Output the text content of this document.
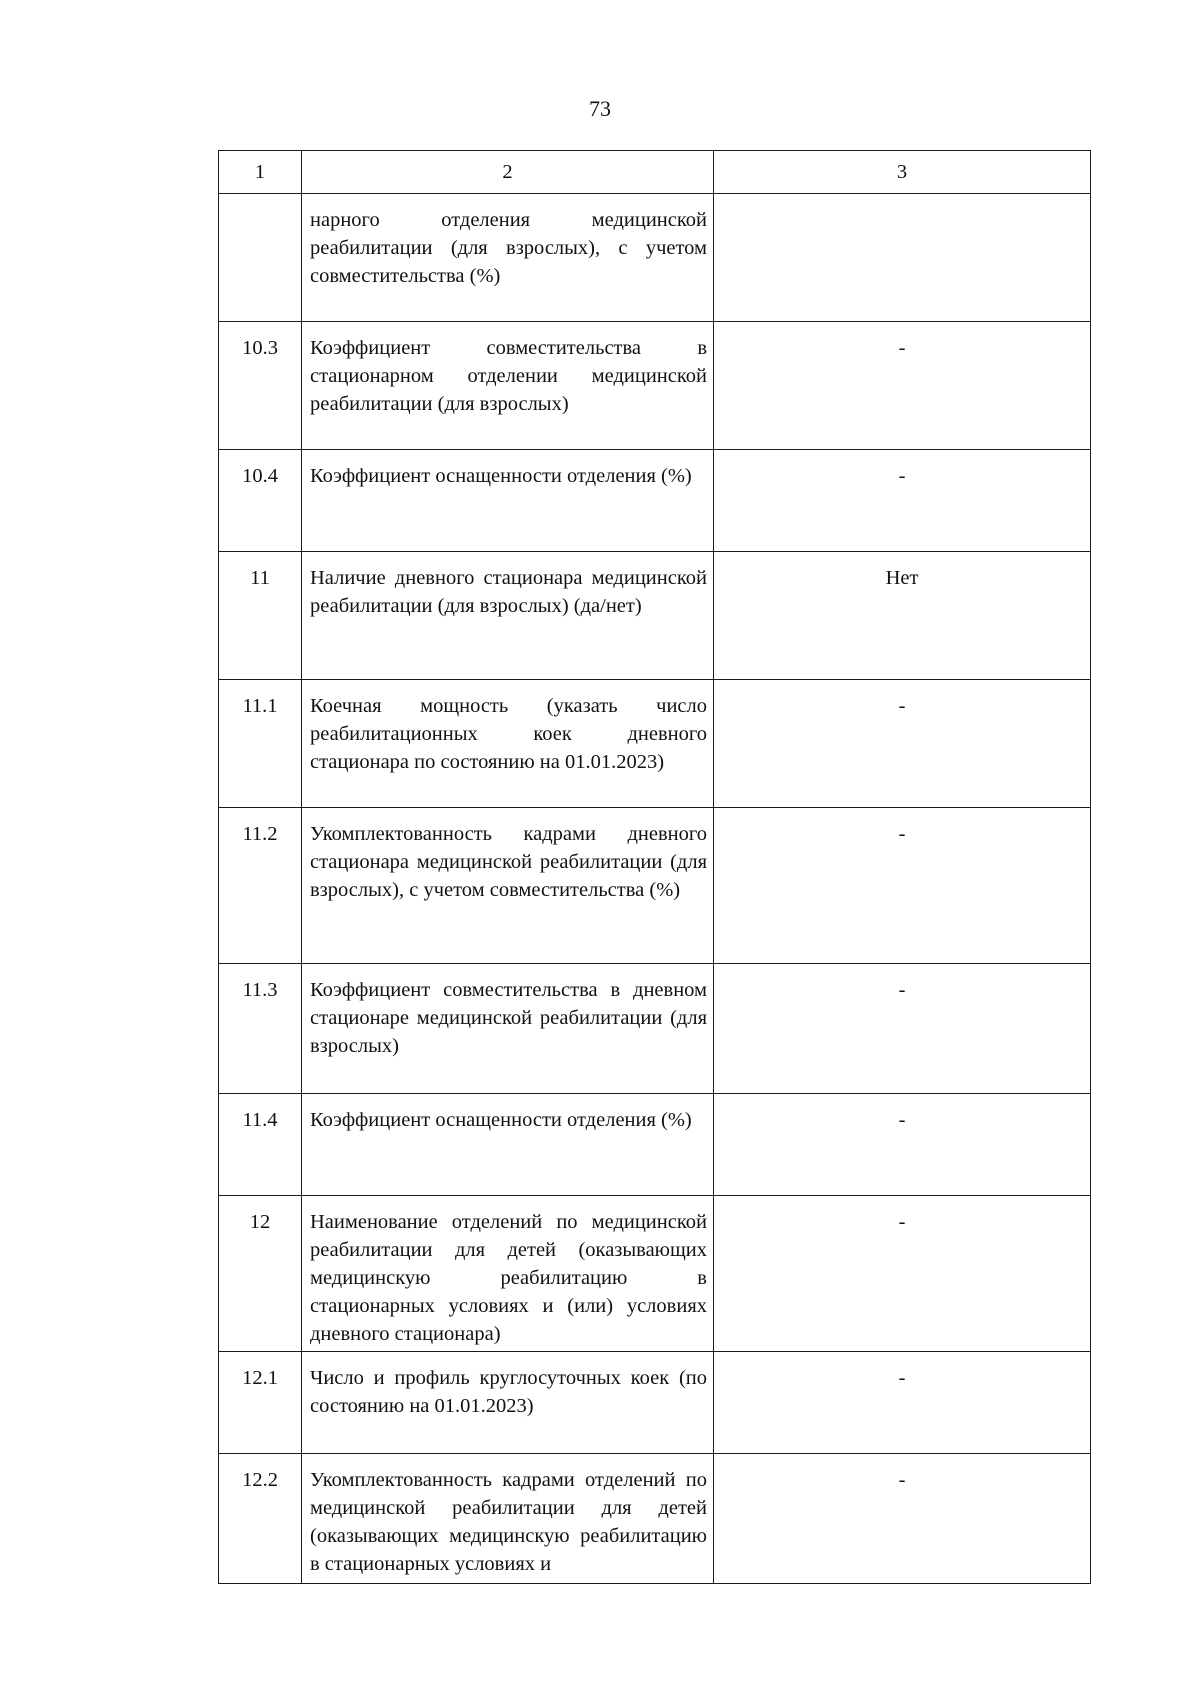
73
1	2	3
	нарного отделения медицинской реабилитации (для взрослых), с учетом совместительства (%)	
10.3	Коэффициент совместительства в стационарном отделении медицинской реабилитации (для взрослых)	-
10.4	Коэффициент оснащенности отделения (%)	-
11	Наличие дневного стационара медицинской реабилитации (для взрослых) (да/нет)	Нет
11.1	Коечная мощность (указать число реабилитационных коек дневного стационара по состоянию на 01.01.2023)	-
11.2	Укомплектованность кадрами дневного стационара медицинской реабилитации (для взрослых), с учетом совместительства (%)	-
11.3	Коэффициент совместительства в дневном стационаре медицинской реабилитации (для взрослых)	-
11.4	Коэффициент оснащенности отделения (%)	-
12	Наименование отделений по медицинской реабилитации для детей (оказывающих медицинскую реабилитацию в стационарных условиях и (или) условиях дневного стационара)	-
12.1	Число и профиль круглосуточных коек (по состоянию на 01.01.2023)	-
12.2	Укомплектованность кадрами отделений по медицинской реабилитации для детей (оказывающих медицинскую реабилитацию в стационарных условиях и	-
